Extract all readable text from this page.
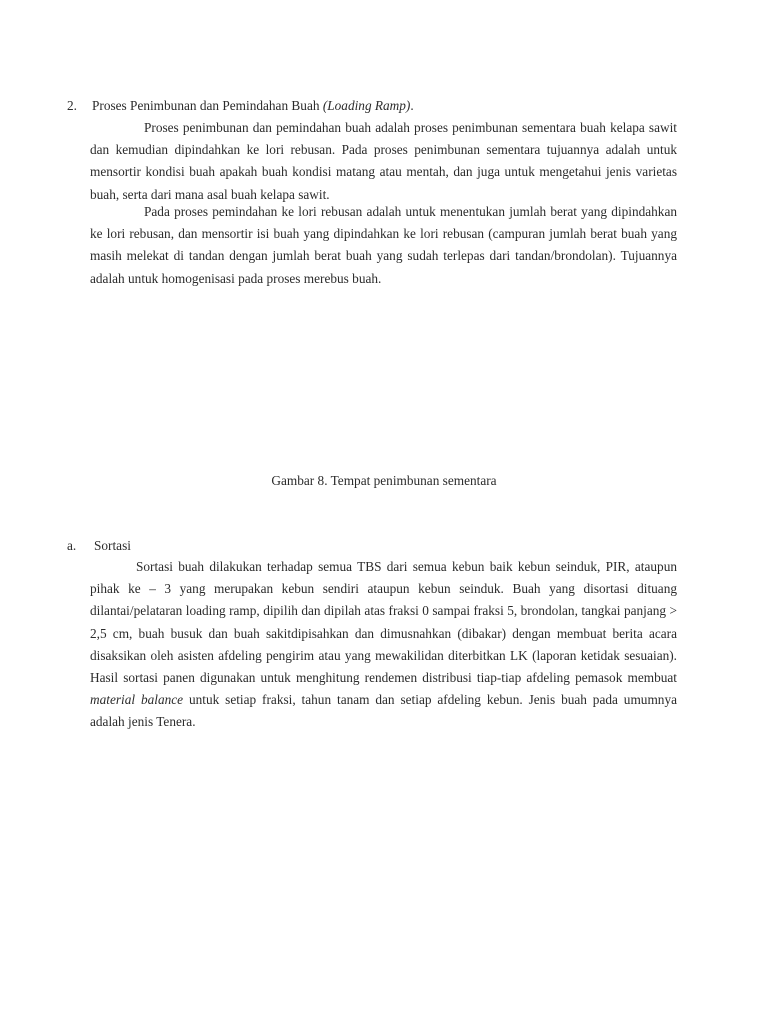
2. Proses Penimbunan dan Pemindahan Buah (Loading Ramp).

Proses penimbunan dan pemindahan buah adalah proses penimbunan sementara buah kelapa sawit dan kemudian dipindahkan ke lori rebusan. Pada proses penimbunan sementara tujuannya adalah untuk mensortir kondisi buah apakah buah kondisi matang atau mentah, dan juga untuk mengetahui jenis varietas buah, serta dari mana asal buah kelapa sawit.

Pada proses pemindahan ke lori rebusan adalah untuk menentukan jumlah berat yang dipindahkan ke lori rebusan, dan mensortir isi buah yang dipindahkan ke lori rebusan (campuran jumlah berat buah yang masih melekat di tandan dengan jumlah berat buah yang sudah terlepas dari tandan/brondolan). Tujuannya adalah untuk homogenisasi pada proses merebus buah.

Gambar 8. Tempat penimbunan sementara
a. Sortasi

Sortasi buah dilakukan terhadap semua TBS dari semua kebun baik kebun seinduk, PIR, ataupun pihak ke – 3 yang merupakan kebun sendiri ataupun kebun seinduk. Buah yang disortasi dituang dilantai/pelataran loading ramp, dipilih dan dipilah atas fraksi 0 sampai fraksi 5, brondolan, tangkai panjang > 2,5 cm, buah busuk dan buah sakitdipisahkan dan dimusnahkan (dibakar) dengan membuat berita acara disaksikan oleh asisten afdeling pengirim atau yang mewakilidan diterbitkan LK (laporan ketidak sesuaian). Hasil sortasi panen digunakan untuk menghitung rendemen distribusi tiap-tiap afdeling pemasok membuat material balance untuk setiap fraksi, tahun tanam dan setiap afdeling kebun. Jenis buah pada umumnya adalah jenis Tenera.
